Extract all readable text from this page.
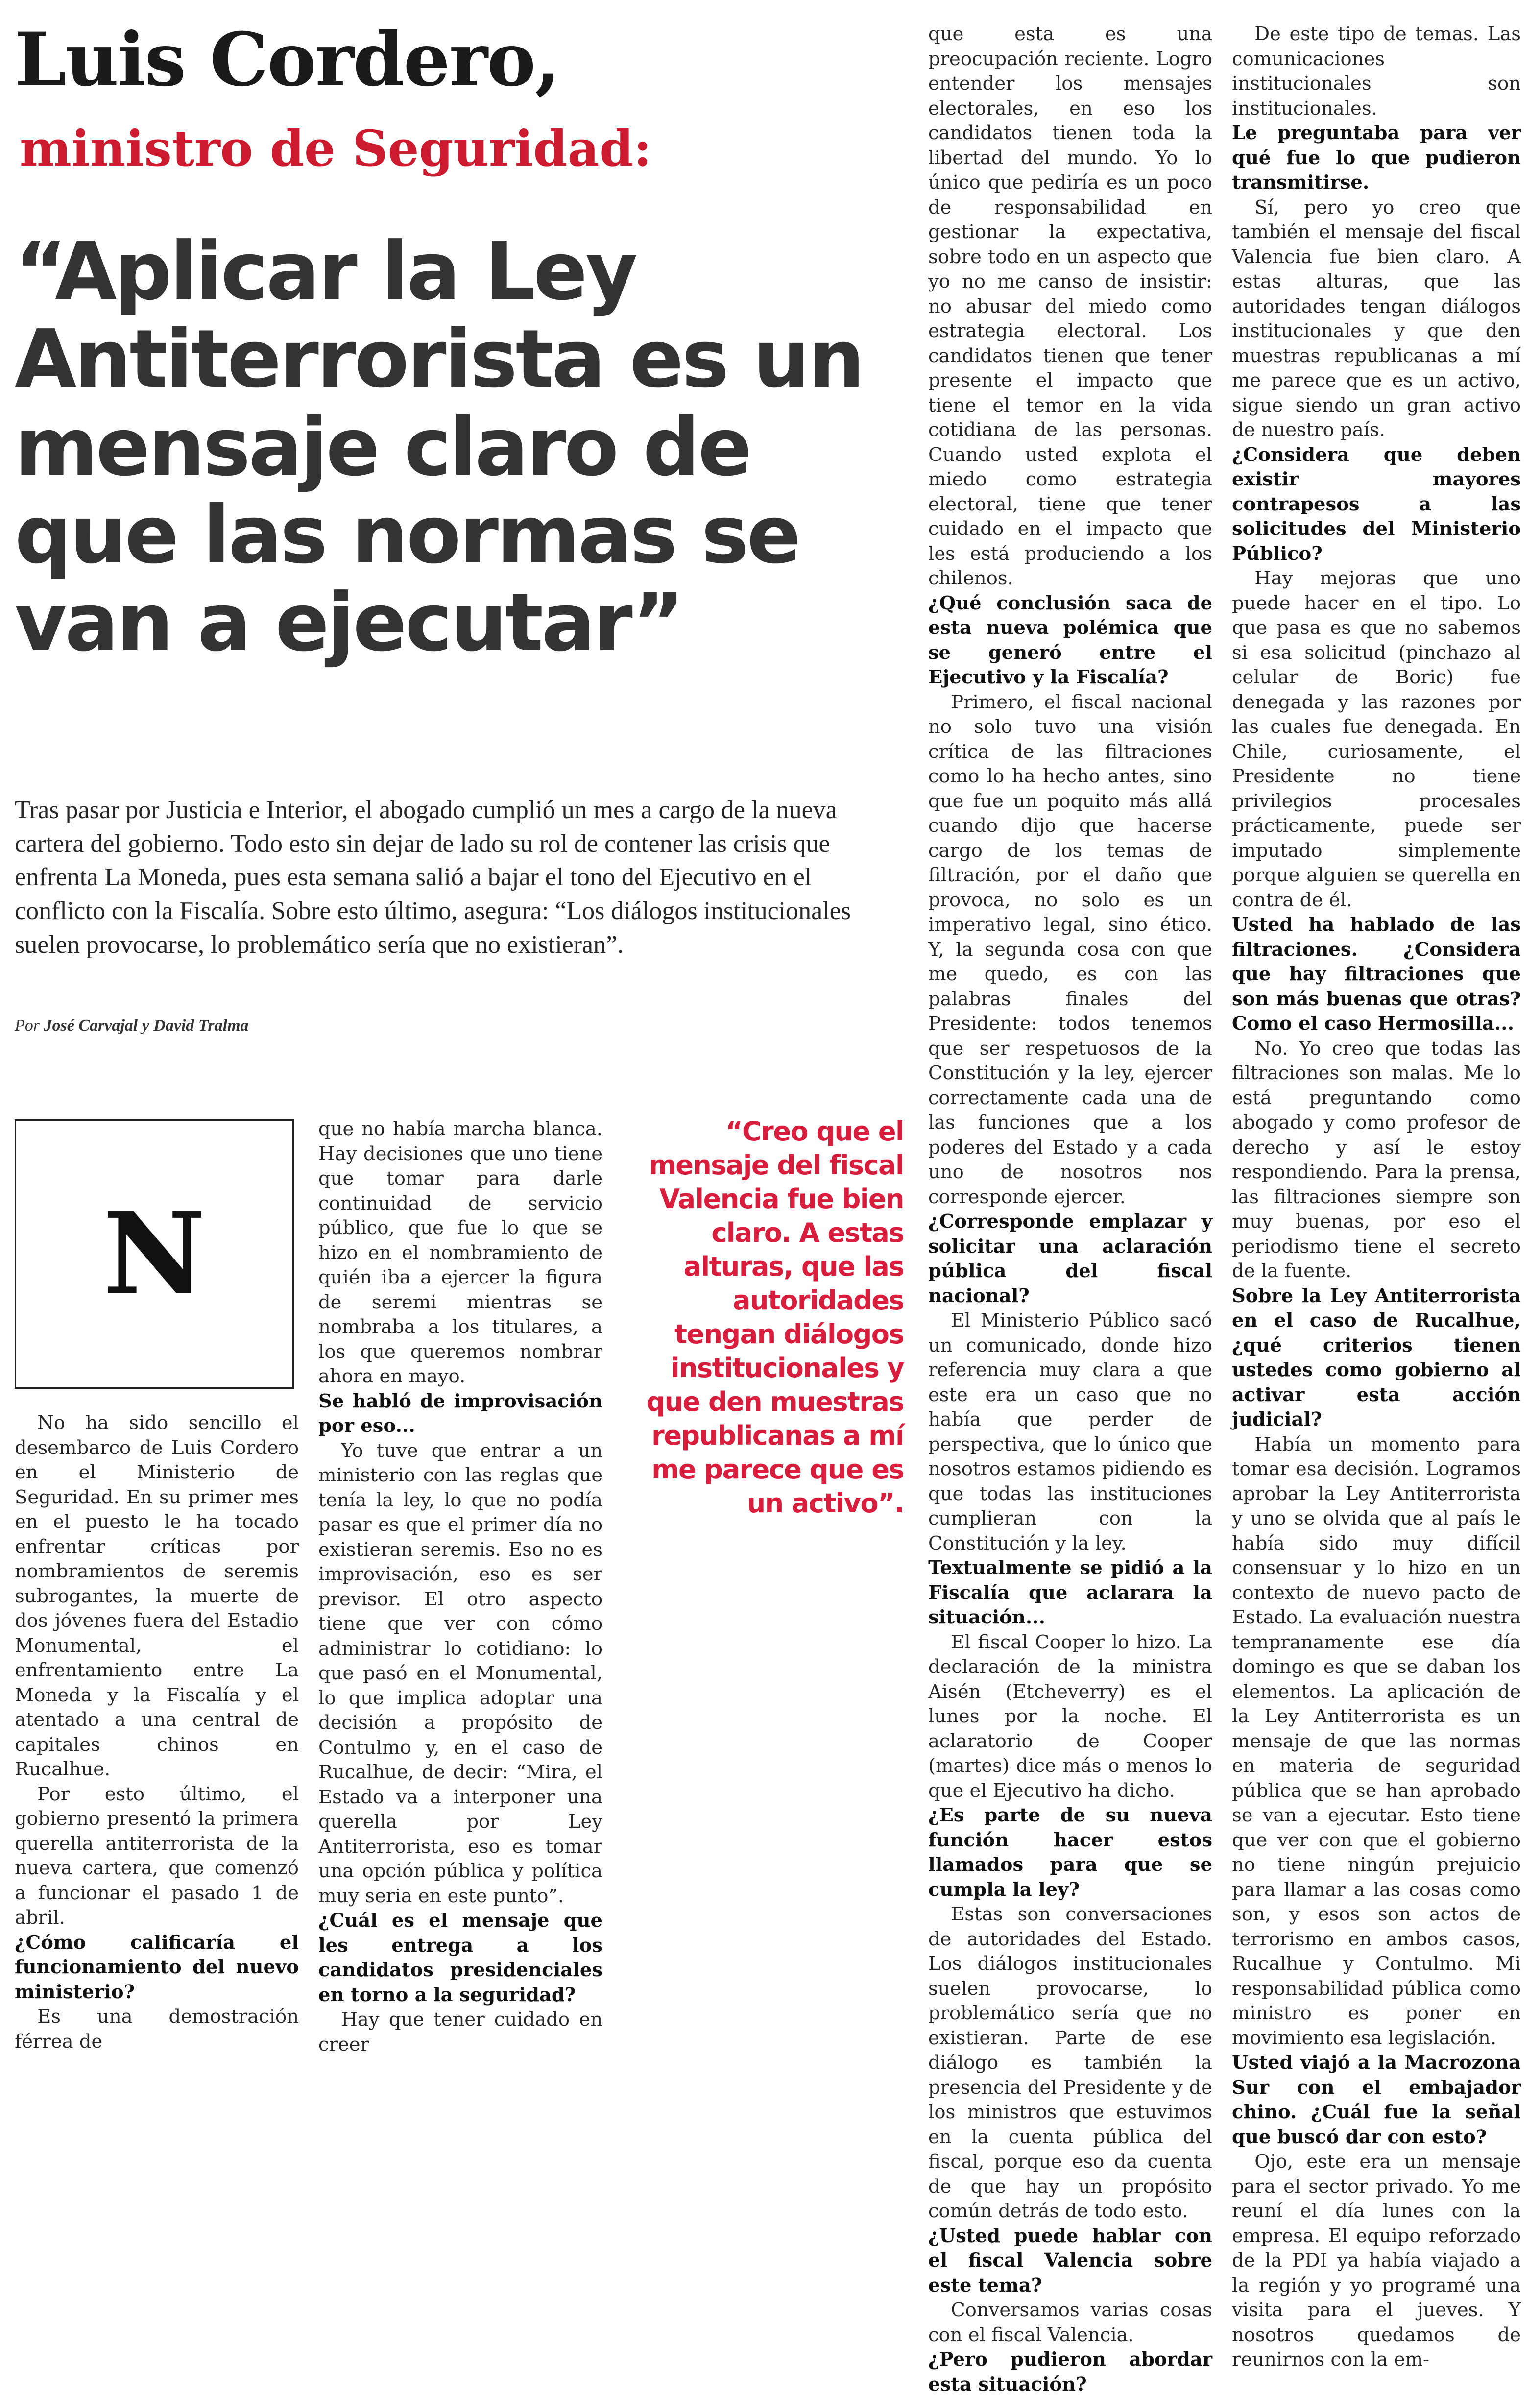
Luis Cordero,
ministro de Seguridad:
“Aplicar la Ley Antiterrorista es un mensaje claro de que las normas se van a ejecutar”

Tras pasar por Justicia e Interior, el abogado cumplió un mes a cargo de la nueva cartera del gobierno. Todo esto sin dejar de lado su rol de contener las crisis que enfrenta La Moneda, pues esta semana salió a bajar el tono del Ejecutivo en el conflicto con la Fiscalía. Sobre esto último, asegura: “Los diálogos institucionales suelen provocarse, lo problemático sería que no existieran”.

Por José Carvajal y David Tralma

N

No ha sido sencillo el desembarco de Luis Cordero en el Ministerio de Seguridad. En su primer mes en el puesto le ha tocado enfrentar críticas por nombramientos de seremis subrogantes, la muerte de dos jóvenes fuera del Estadio Monumental, el enfrentamiento entre La Moneda y la Fiscalía y el atentado a una central de capitales chinos en Rucalhue.

Por esto último, el gobierno presentó la primera querella antiterrorista de la nueva cartera, que comenzó a funcionar el pasado 1 de abril.

¿Cómo calificaría el funcionamiento del nuevo ministerio?

Es una demostración férrea de

que no había marcha blanca. Hay decisiones que uno tiene que tomar para darle continuidad de servicio público, que fue lo que se hizo en el nombramiento de quién iba a ejercer la figura de seremi mientras se nombraba a los titulares, a los que queremos nombrar ahora en mayo.

Se habló de improvisación por eso...

Yo tuve que entrar a un ministerio con las reglas que tenía la ley, lo que no podía pasar es que el primer día no existieran seremis. Eso no es improvisación, eso es ser previsor. El otro aspecto tiene que ver con cómo administrar lo cotidiano: lo que pasó en el Monumental, lo que implica adoptar una decisión a propósito de Contulmo y, en el caso de Rucalhue, de decir: “Mira, el Estado va a interponer una querella por Ley Antiterrorista, eso es tomar una opción pública y política muy seria en este punto”.

¿Cuál es el mensaje que les entrega a los candidatos presidenciales en torno a la seguridad?

Hay que tener cuidado en creer

“Creo que el mensaje del fiscal Valencia fue bien claro. A estas alturas, que las autoridades tengan diálogos institucionales y que den muestras republicanas a mí me parece que es un activo”.

que esta es una preocupación reciente. Logro entender los mensajes electorales, en eso los candidatos tienen toda la libertad del mundo. Yo lo único que pediría es un poco de responsabilidad en gestionar la expectativa, sobre todo en un aspecto que yo no me canso de insistir: no abusar del miedo como estrategia electoral. Los candidatos tienen que tener presente el impacto que tiene el temor en la vida cotidiana de las personas. Cuando usted explota el miedo como estrategia electoral, tiene que tener cuidado en el impacto que les está produciendo a los chilenos.

¿Qué conclusión saca de esta nueva polémica que se generó entre el Ejecutivo y la Fiscalía?

Primero, el fiscal nacional no solo tuvo una visión crítica de las filtraciones como lo ha hecho antes, sino que fue un poquito más allá cuando dijo que hacerse cargo de los temas de filtración, por el daño que provoca, no solo es un imperativo legal, sino ético. Y, la segunda cosa con que me quedo, es con las palabras finales del Presidente: todos tenemos que ser respetuosos de la Constitución y la ley, ejercer correctamente cada una de las funciones que a los poderes del Estado y a cada uno de nosotros nos corresponde ejercer.

¿Corresponde emplazar y solicitar una aclaración pública del fiscal nacional?

El Ministerio Público sacó un comunicado, donde hizo referencia muy clara a que este era un caso que no había que perder de perspectiva, que lo único que nosotros estamos pidiendo es que todas las instituciones cumplieran con la Constitución y la ley.

Textualmente se pidió a la Fiscalía que aclarara la situación...

El fiscal Cooper lo hizo. La declaración de la ministra Aisén (Etcheverry) es el lunes por la noche. El aclaratorio de Cooper (martes) dice más o menos lo que el Ejecutivo ha dicho.

¿Es parte de su nueva función hacer estos llamados para que se cumpla la ley?

Estas son conversaciones de autoridades del Estado. Los diálogos institucionales suelen provocarse, lo problemático sería que no existieran. Parte de ese diálogo es también la presencia del Presidente y de los ministros que estuvimos en la cuenta pública del fiscal, porque eso da cuenta de que hay un propósito común detrás de todo esto.

¿Usted puede hablar con el fiscal Valencia sobre este tema?

Conversamos varias cosas con el fiscal Valencia.

¿Pero pudieron abordar esta situación?

De este tipo de temas. Las comunicaciones institucionales son institucionales.

Le preguntaba para ver qué fue lo que pudieron transmitirse.

Sí, pero yo creo que también el mensaje del fiscal Valencia fue bien claro. A estas alturas, que las autoridades tengan diálogos institucionales y que den muestras republicanas a mí me parece que es un activo, sigue siendo un gran activo de nuestro país.

¿Considera que deben existir mayores contrapesos a las solicitudes del Ministerio Público?

Hay mejoras que uno puede hacer en el tipo. Lo que pasa es que no sabemos si esa solicitud (pinchazo al celular de Boric) fue denegada y las razones por las cuales fue denegada. En Chile, curiosamente, el Presidente no tiene privilegios procesales prácticamente, puede ser imputado simplemente porque alguien se querella en contra de él.

Usted ha hablado de las filtraciones. ¿Considera que hay filtraciones que son más buenas que otras? Como el caso Hermosilla...

No. Yo creo que todas las filtraciones son malas. Me lo está preguntando como abogado y como profesor de derecho y así le estoy respondiendo. Para la prensa, las filtraciones siempre son muy buenas, por eso el periodismo tiene el secreto de la fuente.

Sobre la Ley Antiterrorista en el caso de Rucalhue, ¿qué criterios tienen ustedes como gobierno al activar esta acción judicial?

Había un momento para tomar esa decisión. Logramos aprobar la Ley Antiterrorista y uno se olvida que al país le había sido muy difícil consensuar y lo hizo en un contexto de nuevo pacto de Estado. La evaluación nuestra tempranamente ese día domingo es que se daban los elementos. La aplicación de la Ley Antiterrorista es un mensaje de que las normas en materia de seguridad pública que se han aprobado se van a ejecutar. Esto tiene que ver con que el gobierno no tiene ningún prejuicio para llamar a las cosas como son, y esos son actos de terrorismo en ambos casos, Rucalhue y Contulmo. Mi responsabilidad pública como ministro es poner en movimiento esa legislación.

Usted viajó a la Macrozona Sur con el embajador chino. ¿Cuál fue la señal que buscó dar con esto?

Ojo, este era un mensaje para el sector privado. Yo me reuní el día lunes con la empresa. El equipo reforzado de la PDI ya había viajado a la región y yo programé una visita para el jueves. Y nosotros quedamos de reunirnos con la em-
